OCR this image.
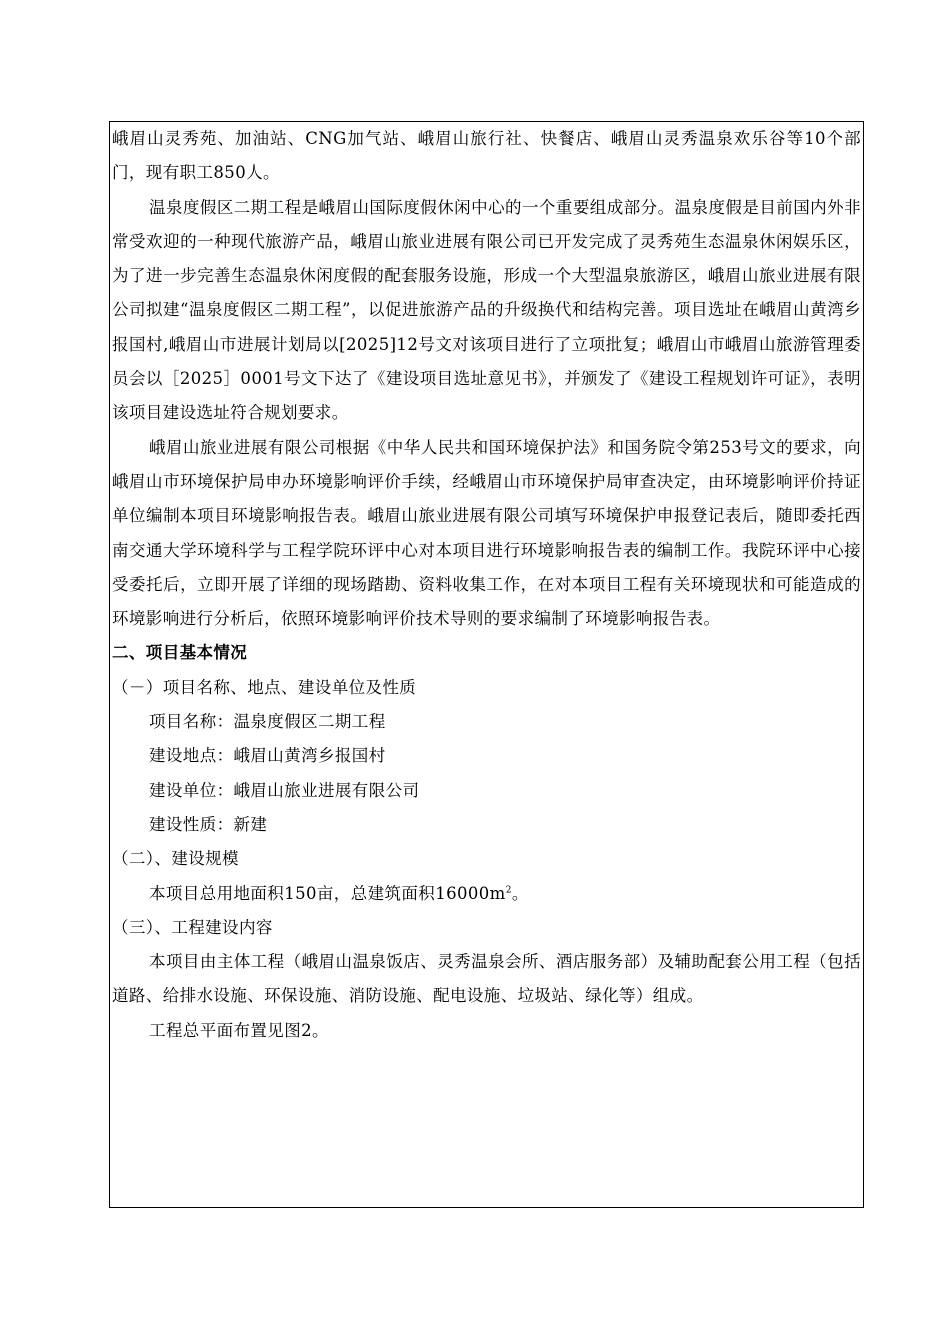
峨眉山灵秀苑、加油站、CNG加气站、峨眉山旅行社、快餐店、峨眉山灵秀温泉欢乐谷等10个部门，现有职工850人。

温泉度假区二期工程是峨眉山国际度假休闲中心的一个重要组成部分。温泉度假是目前国内外非常受欢迎的一种现代旅游产品，峨眉山旅业进展有限公司已开发完成了灵秀苑生态温泉休闲娱乐区，为了进一步完善生态温泉休闲度假的配套服务设施，形成一个大型温泉旅游区，峨眉山旅业进展有限公司拟建“温泉度假区二期工程”，以促进旅游产品的升级换代和结构完善。项目选址在峨眉山黄湾乡报国村,峨眉山市进展计划局以[2025]12号文对该项目进行了立项批复；峨眉山市峨眉山旅游管理委员会以［2025］0001号文下达了《建设项目选址意见书》，并颁发了《建设工程规划许可证》，表明该项目建设选址符合规划要求。

峨眉山旅业进展有限公司根据《中华人民共和国环境保护法》和国务院令第253号文的要求，向峨眉山市环境保护局申办环境影响评价手续，经峨眉山市环境保护局审查决定，由环境影响评价持证单位编制本项目环境影响报告表。峨眉山旅业进展有限公司填写环境保护申报登记表后，随即委托西南交通大学环境科学与工程学院环评中心对本项目进行环境影响报告表的编制工作。我院环评中心接受委托后，立即开展了详细的现场踏勘、资料收集工作，在对本项目工程有关环境现状和可能造成的环境影响进行分析后，依照环境影响评价技术导则的要求编制了环境影响报告表。

二、项目基本情况

（－）项目名称、地点、建设单位及性质

项目名称：温泉度假区二期工程

建设地点：峨眉山黄湾乡报国村

建设单位：峨眉山旅业进展有限公司

建设性质：新建

（二）、建设规模

本项目总用地面积150亩，总建筑面积$16000m^2$。

（三）、工程建设内容

本项目由主体工程（峨眉山温泉饭店、灵秀温泉会所、酒店服务部）及辅助配套公用工程（包括道路、给排水设施、环保设施、消防设施、配电设施、垃圾站、绿化等）组成。

工程总平面布置见图2。
